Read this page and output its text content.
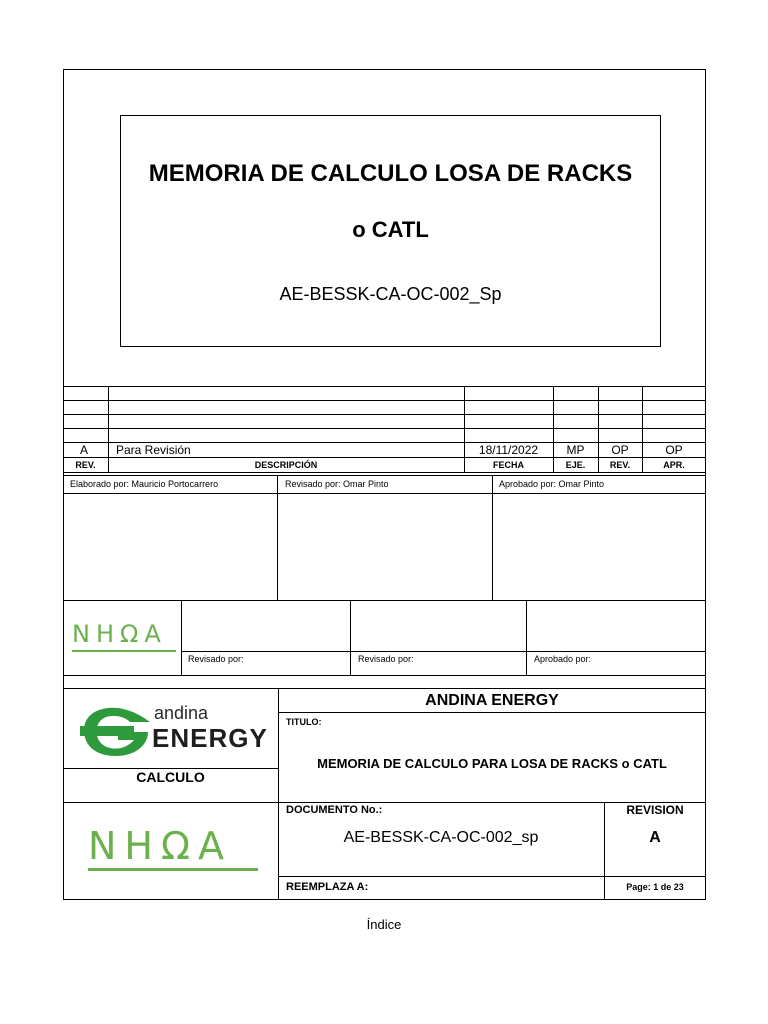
MEMORIA DE CALCULO LOSA DE RACKS
o CATL
AE-BESSK-CA-OC-002_Sp
A Para Revisión	18/11/2022	MP	OP	OP
REV.	DESCRIPCIÓN	FECHA	EJE.	REV.	APR.
Elaborado por: Mauricio Portocarrero	Revisado por: Omar Pinto	Aprobado por: Omar Pinto
NHΩA
Revisado por:	Revisado por:	Aprobado por:
andina
ENERGY
ANDINA ENERGY
TITULO:
MEMORIA DE CALCULO PARA LOSA DE RACKS o CATL
CALCULO
DOCUMENTO No.:
AE-BESSK-CA-OC-002_sp
REVISION
A
REEMPLAZA A:	Page: 1 de 23
NHΩA
Índice
